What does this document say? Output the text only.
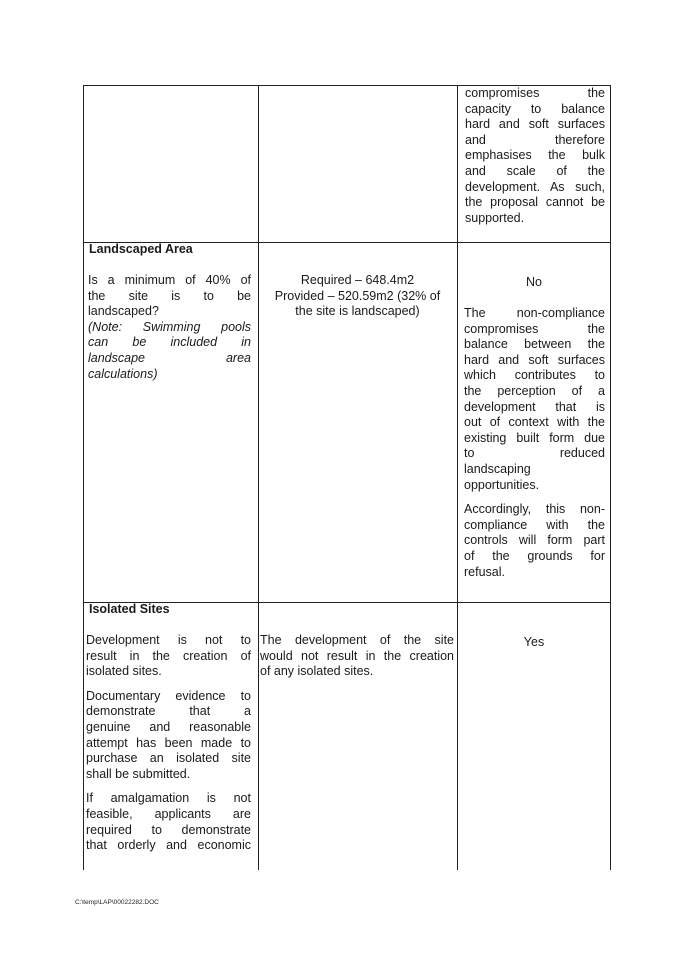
compromises the

capacity to balance

hard and soft surfaces

and therefore

emphasises the bulk

and scale of the

development. As such,

the proposal cannot be

supported.

Landscaped Area

Is a minimum of 40% of

the site is to be

landscaped?

(Note: Swimming pools

can be included in

landscape area

calculations)

Required – 648.4m2

Provided – 520.59m2 (32% of

the site is landscaped)

No

The non-compliance

compromises the

balance between the

hard and soft surfaces

which contributes to

the perception of a

development that is

out of context with the

existing built form due

to reduced

landscaping

opportunities.

Accordingly, this non-

compliance with the

controls will form part

of the grounds for

refusal.

Isolated Sites

Development is not to

result in the creation of

isolated sites.

Documentary evidence to

demonstrate that a

genuine and reasonable

attempt has been made to

purchase an isolated site

shall be submitted.

If amalgamation is not

feasible, applicants are

required to demonstrate

that orderly and economic

The development of the site

would not result in the creation

of any isolated sites.

Yes
C:\temp\LAP\00022282.DOC
